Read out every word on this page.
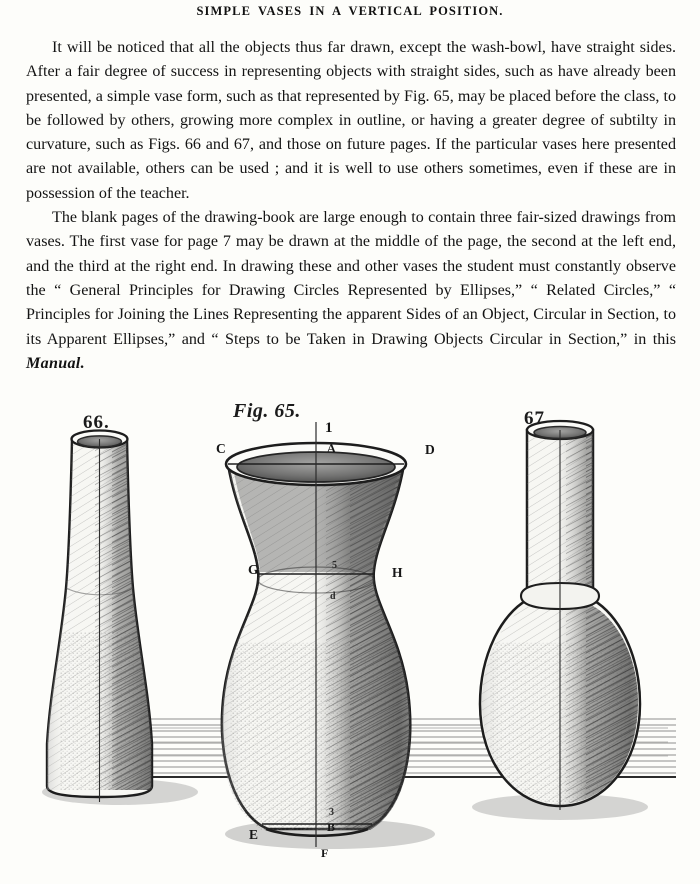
SIMPLE VASES IN A VERTICAL POSITION.

It will be noticed that all the objects thus far drawn, except the wash-bowl, have straight sides. After a fair degree of success in representing objects with straight sides, such as have already been presented, a simple vase form, such as that represented by Fig. 65, may be placed before the class, to be followed by others, growing more complex in outline, or having a greater degree of subtilty in curvature, such as Figs. 66 and 67, and those on future pages. If the particular vases here presented are not available, others can be used ; and it is well to use others sometimes, even if these are in possession of the teacher.

The blank pages of the drawing-book are large enough to contain three fair-sized drawings from vases. The first vase for page 7 may be drawn at the middle of the page, the second at the left end, and the third at the right end. In drawing these and other vases the student must constantly observe the “ General Principles for Drawing Circles Represented by Ellipses,” “ Related Circles,” “ Principles for Joining the Lines Representing the apparent Sides of an Object, Circular in Section, to its Apparent Ellipses,” and “ Steps to be Taken in Drawing Objects Circular in Section,” in this Manual.

66.
Fig. 65.	67
C	D
A
G	H
E	B
F
5
d
3
1
